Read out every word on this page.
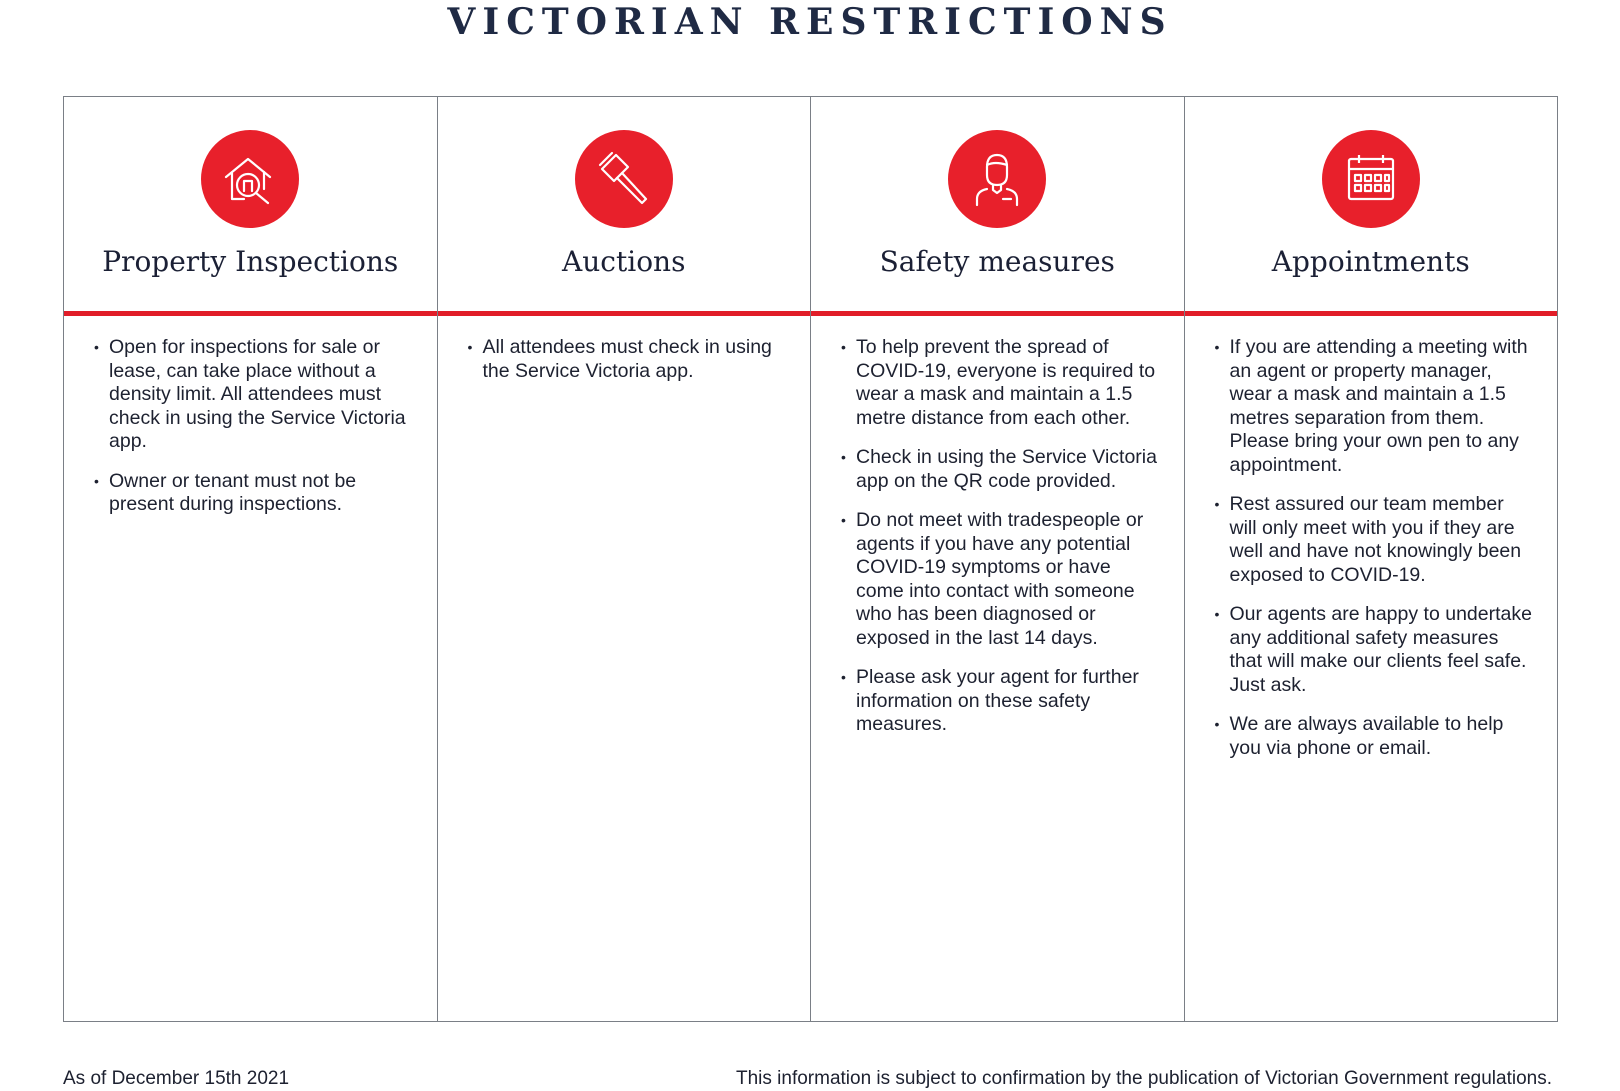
VICTORIAN RESTRICTIONS
Property Inspections
• Open for inspections for sale or lease, can take place without a density limit. All attendees must check in using the Service Victoria app.
• Owner or tenant must not be present during inspections.
Auctions
• All attendees must check in using the Service Victoria app.
Safety measures
• To help prevent the spread of COVID-19, everyone is required to wear a mask and maintain a 1.5 metre distance from each other.
• Check in using the Service Victoria app on the QR code provided.
• Do not meet with tradespeople or agents if you have any potential COVID-19 symptoms or have come into contact with someone who has been diagnosed or exposed in the last 14 days.
• Please ask your agent for further information on these safety measures.
Appointments
• If you are attending a meeting with an agent or property manager, wear a mask and maintain a 1.5 metres separation from them. Please bring your own pen to any appointment.
• Rest assured our team member will only meet with you if they are well and have not knowingly been exposed to COVID-19.
• Our agents are happy to undertake any additional safety measures that will make our clients feel safe. Just ask.
• We are always available to help you via phone or email.
As of December 15th 2021	This information is subject to confirmation by the publication of Victorian Government regulations.
